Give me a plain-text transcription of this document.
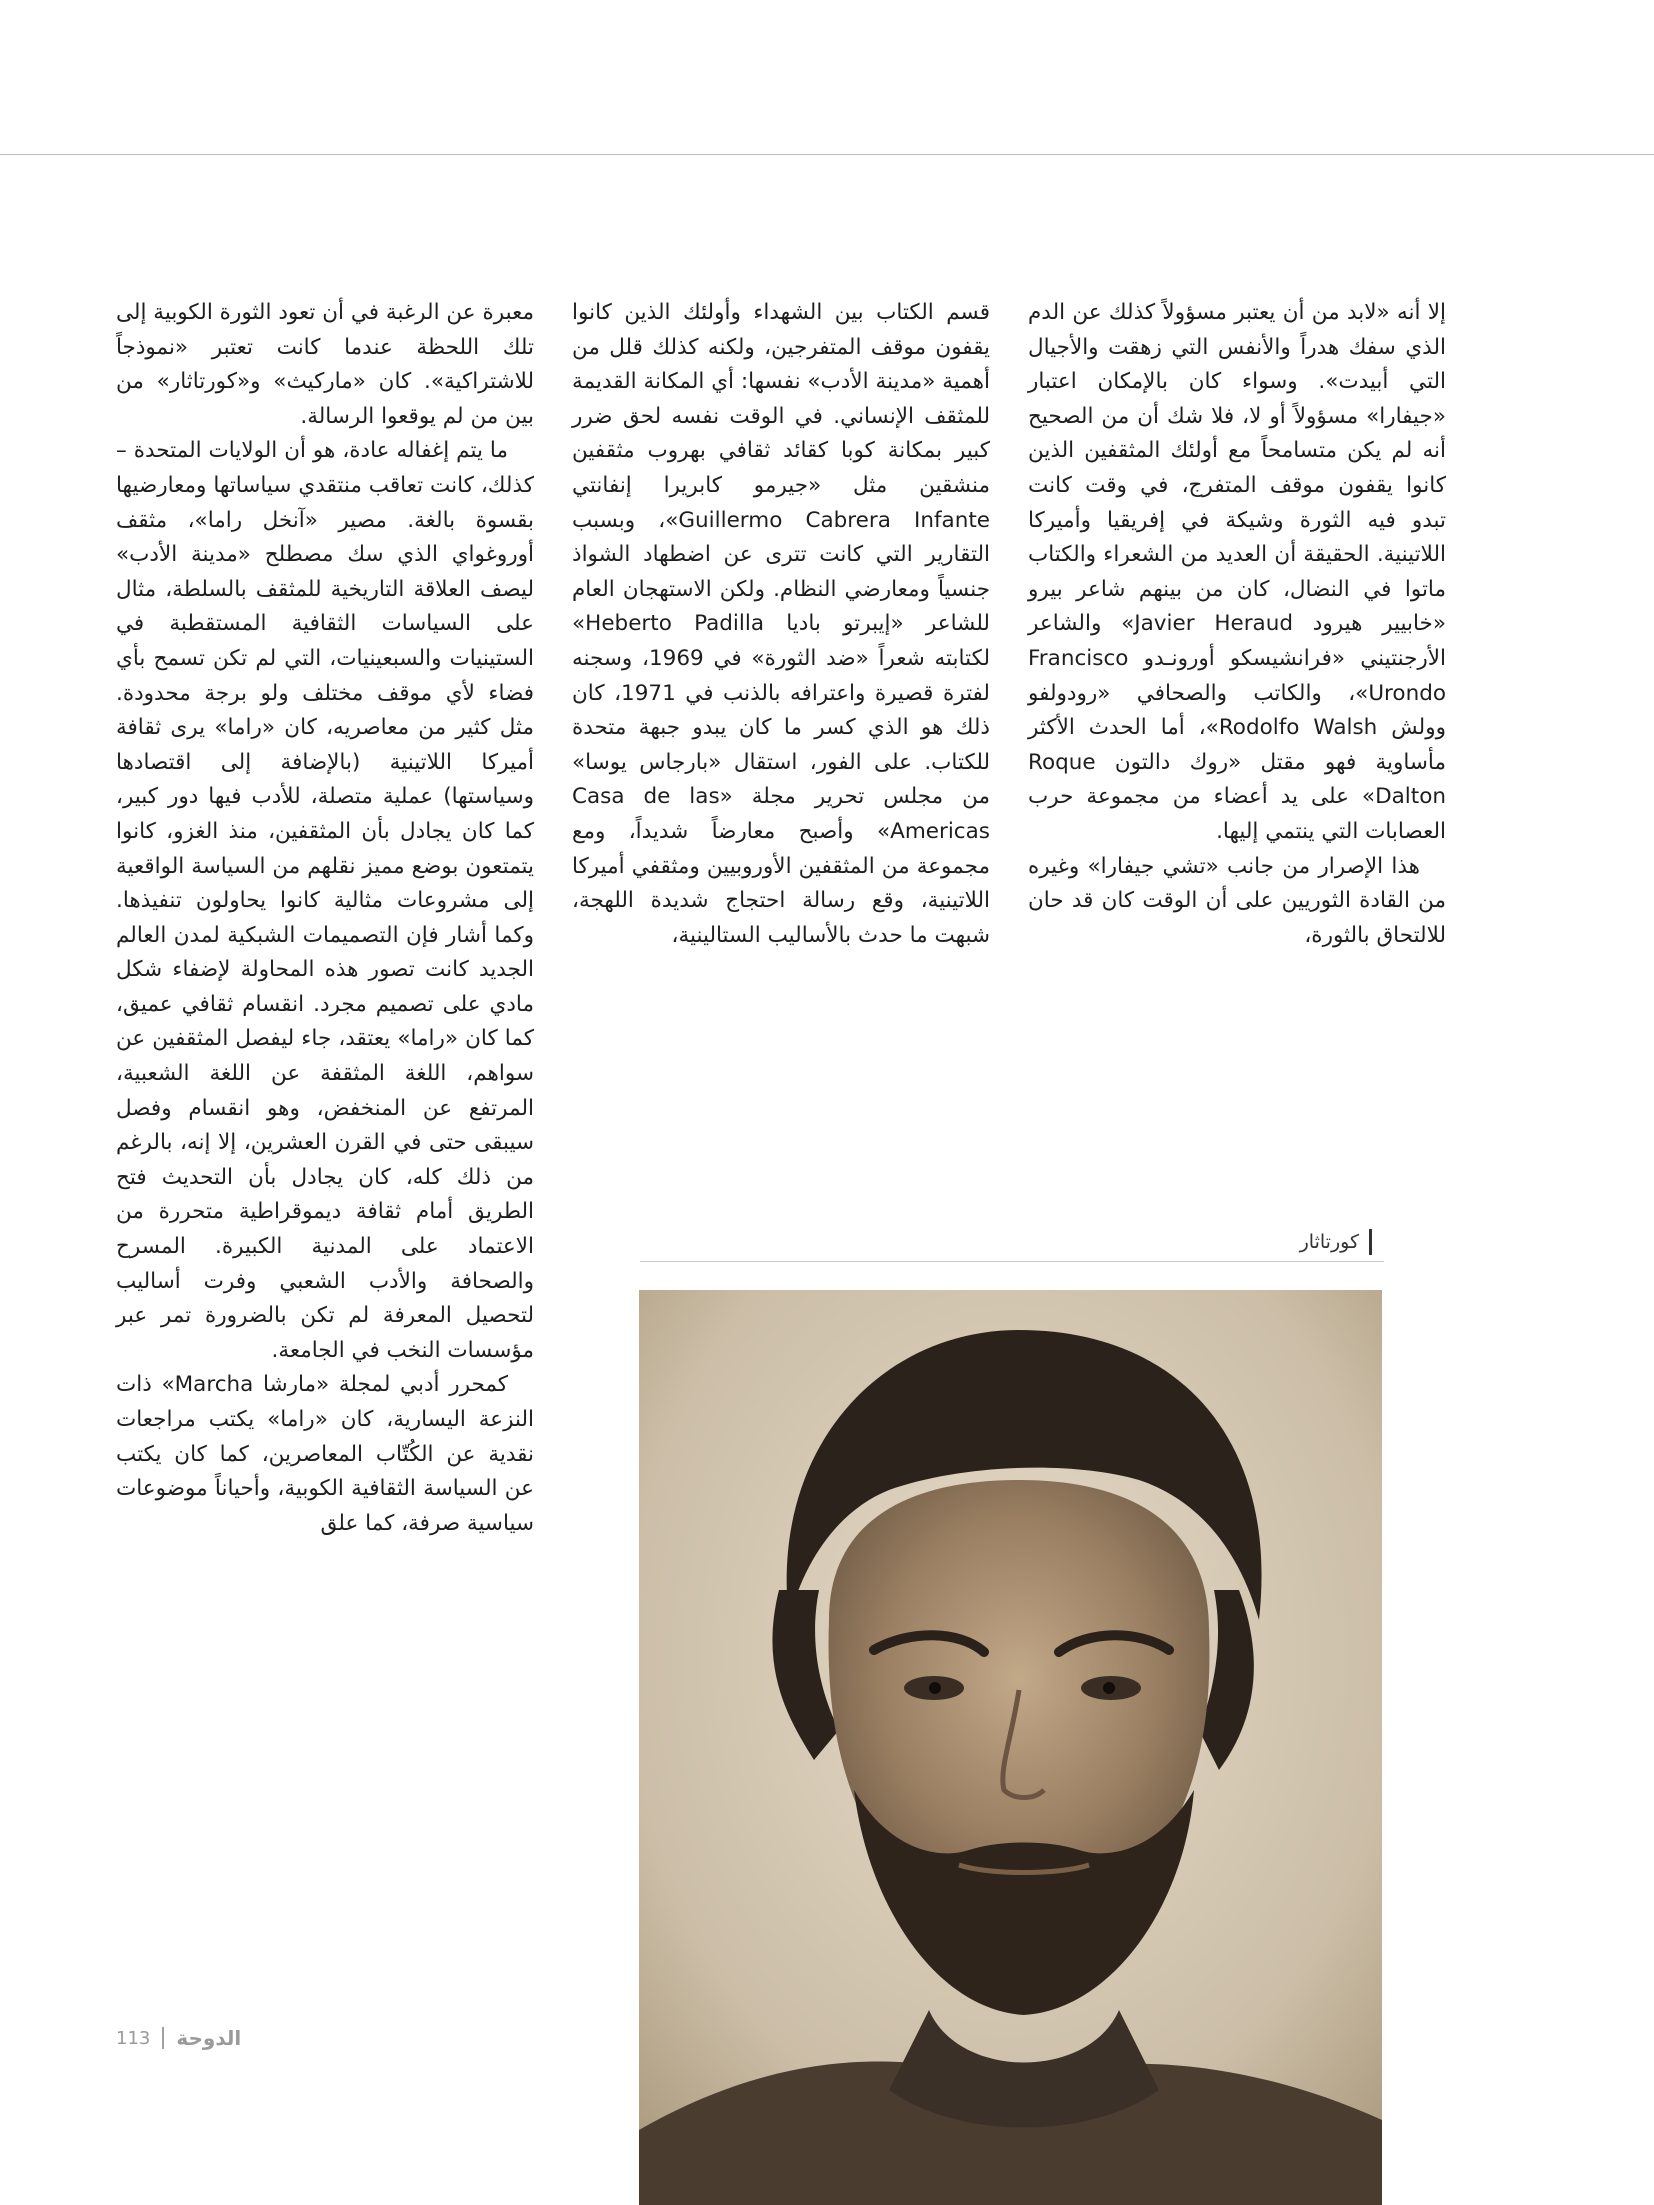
إلا أنه «لابد من أن يعتبر مسؤولاً كذلك عن الدم الذي سفك هدراً والأنفس التي زهقت والأجيال التي أبيدت». وسواء كان بالإمكان اعتبار «جيفارا» مسؤولاً أو لا، فلا شك أن من الصحيح أنه لم يكن متسامحاً مع أولئك المثقفين الذين كانوا يقفون موقف المتفرج، في وقت كانت تبدو فيه الثورة وشيكة في إفريقيا وأميركا اللاتينية. الحقيقة أن العديد من الشعراء والكتاب ماتوا في النضال، كان من بينهم شاعر بيرو «خابيير هيرود Javier Heraud» والشاعر الأرجنتيني «فرانشيسكو أورونـدو Francisco Urondo»، والكاتب والصحافي «رودولفو وولش Rodolfo Walsh»، أما الحدث الأكثر مأساوية فهو مقتل «روك دالتون Roque Dalton» على يد أعضاء من مجموعة حرب العصابات التي ينتمي إليها.

هذا الإصرار من جانب «تشي جيفارا» وغيره من القادة الثوريين على أن الوقت كان قد حان للالتحاق بالثورة،

قسم الكتاب بين الشهداء وأولئك الذين كانوا يقفون موقف المتفرجين، ولكنه كذلك قلل من أهمية «مدينة الأدب» نفسها: أي المكانة القديمة للمثقف الإنساني. في الوقت نفسه لحق ضرر كبير بمكانة كوبا كقائد ثقافي بهروب مثقفين منشقين مثل «جيرمو كابريرا إنفانتي Guillermo Cabrera Infante»، وبسبب التقارير التي كانت تترى عن اضطهاد الشواذ جنسياً ومعارضي النظام. ولكن الاستهجان العام للشاعر «إيبرتو باديا Heberto Padilla» لكتابته شعراً «ضد الثورة» في 1969، وسجنه لفترة قصيرة واعترافه بالذنب في 1971، كان ذلك هو الذي كسر ما كان يبدو جبهة متحدة للكتاب. على الفور، استقال «بارجاس يوسا» من مجلس تحرير مجلة «Casa de las Americas» وأصبح معارضاً شديداً، ومع مجموعة من المثقفين الأوروبيين ومثقفي أميركا اللاتينية، وقع رسالة احتجاج شديدة اللهجة، شبهت ما حدث بالأساليب الستالينية،

معبرة عن الرغبة في أن تعود الثورة الكوبية إلى تلك اللحظة عندما كانت تعتبر «نموذجاً للاشتراكية». كان «ماركيث» و«كورتاثار» من بين من لم يوقعوا الرسالة.

ما يتم إغفاله عادة، هو أن الولايات المتحدة – كذلك، كانت تعاقب منتقدي سياساتها ومعارضيها بقسوة بالغة. مصير «آنخل راما»، مثقف أوروغواي الذي سك مصطلح «مدينة الأدب» ليصف العلاقة التاريخية للمثقف بالسلطة، مثال على السياسات الثقافية المستقطبة في الستينيات والسبعينيات، التي لم تكن تسمح بأي فضاء لأي موقف مختلف ولو برجة محدودة. مثل كثير من معاصريه، كان «راما» يرى ثقافة أميركا اللاتينية (بالإضافة إلى اقتصادها وسياستها) عملية متصلة، للأدب فيها دور كبير، كما كان يجادل بأن المثقفين، منذ الغزو، كانوا يتمتعون بوضع مميز نقلهم من السياسة الواقعية إلى مشروعات مثالية كانوا يحاولون تنفيذها. وكما أشار فإن التصميمات الشبكية لمدن العالم الجديد كانت تصور هذه المحاولة لإضفاء شكل مادي على تصميم مجرد. انقسام ثقافي عميق، كما كان «راما» يعتقد، جاء ليفصل المثقفين عن سواهم، اللغة المثقفة عن اللغة الشعبية، المرتفع عن المنخفض، وهو انقسام وفصل سيبقى حتى في القرن العشرين، إلا إنه، بالرغم من ذلك كله، كان يجادل بأن التحديث فتح الطريق أمام ثقافة ديموقراطية متحررة من الاعتماد على المدنية الكبيرة. المسرح والصحافة والأدب الشعبي وفرت أساليب لتحصيل المعرفة لم تكن بالضرورة تمر عبر مؤسسات النخب في الجامعة.

كمحرر أدبي لمجلة «مارشا Marcha» ذات النزعة اليسارية، كان «راما» يكتب مراجعات نقدية عن الكُتّاب المعاصرين، كما كان يكتب عن السياسة الثقافية الكوبية، وأحياناً موضوعات سياسية صرفة، كما علق

كورتاثار
113 الدوحة
